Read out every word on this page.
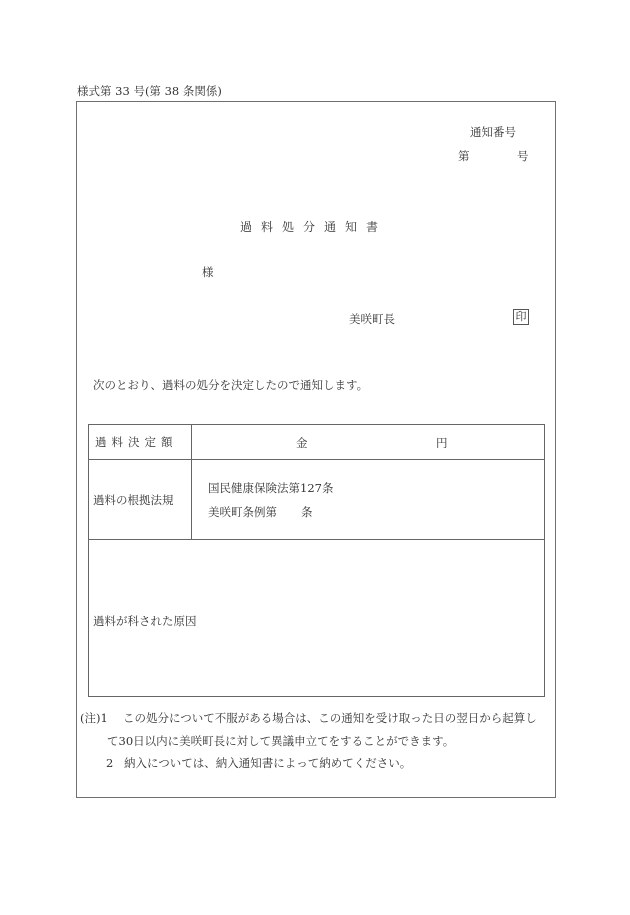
様式第 33 号(第 38 条関係)
通知番号
第	号
過料処分通知書
様
美咲町長	印
次のとおり、過料の処分を決定したので通知します。
過料決定額	金 円

過料の根拠法規	国民健康保険法第127条
美咲町条例第 条

過料が科された原因	
(注)1 この処分について不服がある場合は、この通知を受け取った日の翌日から起算し
て30日以内に美咲町長に対して異議申立てをすることができます。
2 納入については、納入通知書によって納めてください。
